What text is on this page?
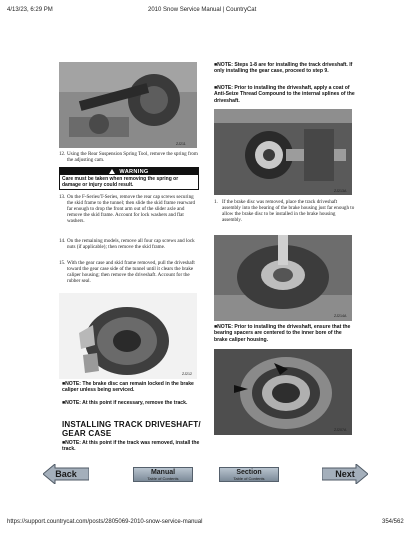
4/13/23, 6:29 PM	2010 Snow Service Manual | CountryCat
ZJ211
12. Using the Rear Suspension Spring Tool, remove the spring from the adjusting cam.
WARNING
Care must be taken when removing the spring or damage or injury could result.
13. On the F-Series/T-Series, remove the rear cap screws securing the skid frame to the tunnel; then slide the skid frame rearward far enough to drop the front arm out of the slider axle and remove the skid frame. Account for lock washers and flat washers.
14. On the remaining models, remove all four cap screws and lock nuts (if applicable); then remove the skid frame.
15. With the gear case and skid frame removed, pull the driveshaft toward the gear case side of the tunnel until it clears the brake caliper housing; then remove the driveshaft. Account for the rubber seal.
ZJ212
■NOTE: The brake disc can remain locked in the brake caliper unless being serviced.
■NOTE: At this point if necessary, remove the track.
INSTALLING TRACK DRIVESHAFT/
GEAR CASE
■NOTE: At this point if the track was removed, install the track.
■NOTE: Steps 1-8 are for installing the track driveshaft. If only installing the gear case, proceed to step 9.
■NOTE: Prior to installing the driveshaft, apply a coat of Anti-Seize Thread Compound to the internal splines of the driveshaft.
ZJ213A
1. If the brake disc was removed, place the track driveshaft assembly into the bearing of the brake housing just far enough to allow the brake disc to be installed in the brake housing assembly.
ZJ214A
■NOTE: Prior to installing the driveshaft, ensure that the bearing spacers are centered to the inner bore of the brake caliper housing.
ZJ207A
Back	Manual
Table of Contents
Section
Table of Contents	Next
https://support.countrycat.com/posts/2805069-2010-snow-service-manual	354/562
